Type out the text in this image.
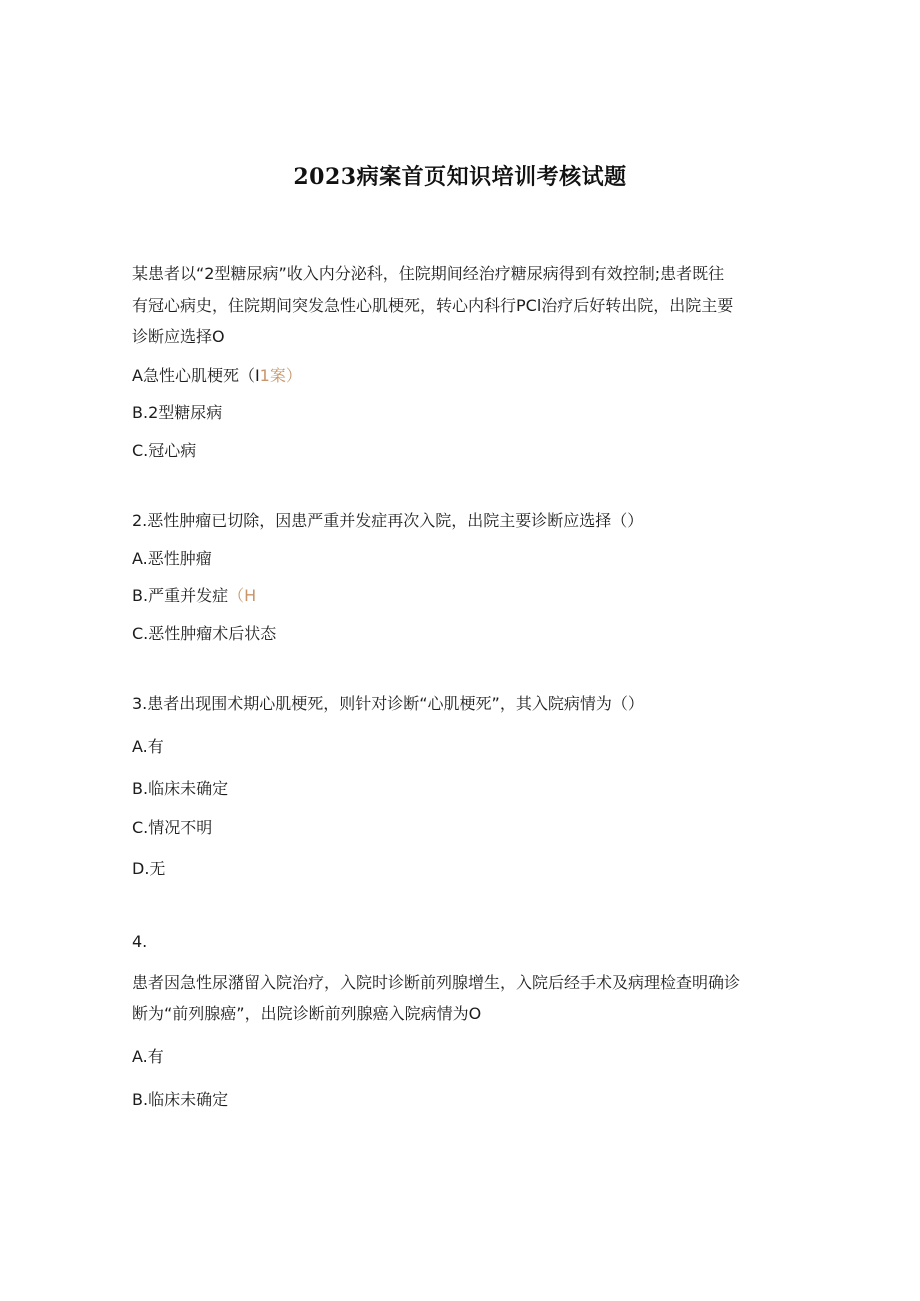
2023病案首页知识培训考核试题
某患者以“2型糖尿病”收入内分泌科，住院期间经治疗糖尿病得到有效控制;患者既往
有冠心病史，住院期间突发急性心肌梗死，转心内科行PCl治疗后好转出院，出院主要
诊断应选择O
A急性心肌梗死（I1案）
B.2型糖尿病
C.冠心病
2.恶性肿瘤已切除，因患严重并发症再次入院，出院主要诊断应选择（）
A.恶性肿瘤
B.严重并发症（H
C.恶性肿瘤术后状态
3.患者出现围术期心肌梗死，则针对诊断“心肌梗死”，其入院病情为（）
A.有
B.临床未确定
C.情况不明
D.无
4.
患者因急性尿潴留入院治疗，入院时诊断前列腺增生，入院后经手术及病理检查明确诊
断为“前列腺癌”，出院诊断前列腺癌入院病情为O
A.有
B.临床未确定
